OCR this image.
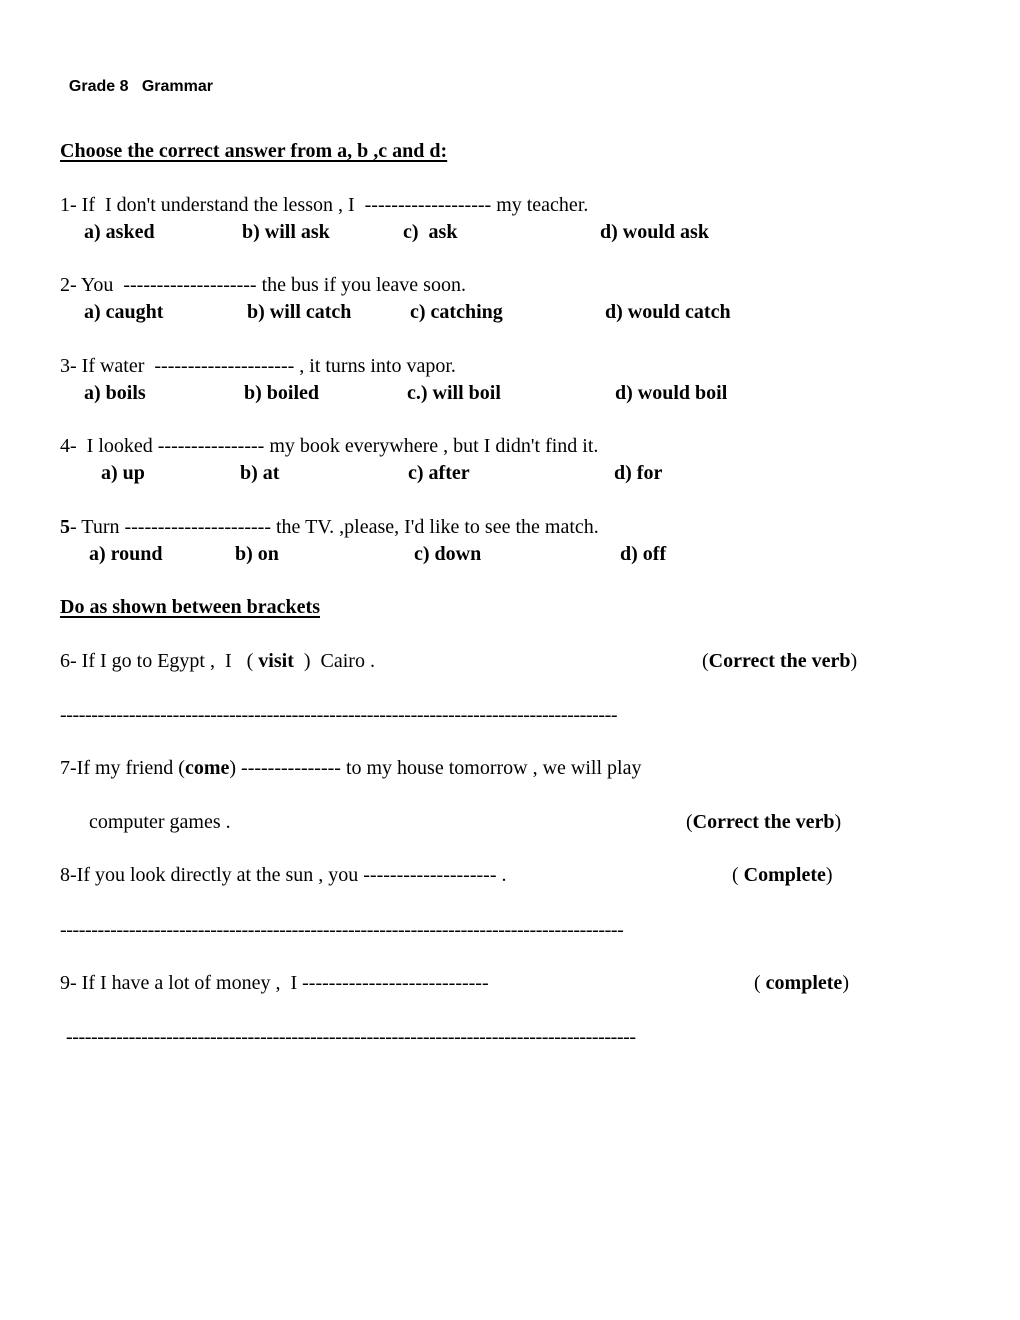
Grade 8 Grammar

Choose the correct answer from a, b ,c and d:
1- If  I don't understand the lesson , I  ------------------- my teacher.
a) asked	b) will ask	c)  ask	d) would ask
2- You  -------------------- the bus if you leave soon.
a) caught	b) will catch	c) catching	d) would catch
3- If water  --------------------- , it turns into vapor.
a) boils	b) boiled	c.) will boil	d) would boil
4-  I looked ---------------- my book everywhere , but I didn't find it.
a) up	b) at	c) after	d) for
5- Turn ---------------------- the TV. ,please, I'd like to see the match.
a) round	b) on	c) down	d) off
Do as shown between brackets
6- If I go to Egypt ,  I   ( visit  )  Cairo .	(Correct the verb)
-----------------------------------------------------------------------------------------
7-If my friend (come) --------------- to my house tomorrow , we will play
computer games .	(Correct the verb)
8-If you look directly at the sun , you -------------------- .	( Complete)
------------------------------------------------------------------------------------------
9- If I have a lot of money ,  I ----------------------------	( complete)
-------------------------------------------------------------------------------------------
